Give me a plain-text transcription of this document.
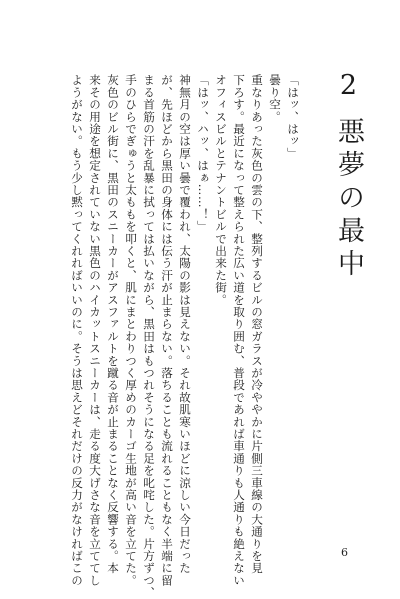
2悪夢の最中
「はッ、はッ」
曇り空。
重なりあった灰色の雲の下、整列するビルの窓ガラスが冷ややかに片側三車線の大通りを見
下ろす。最近になって整えられた広い道を取り囲む、普段であれば車通りも人通りも絶えない
オフィスビルとテナントビルで出来た街。
「はッ、ハッ、はぁ……！」
神無月の空は厚い曇で覆われ、太陽の影は見えない。それ故肌寒いほどに涼しい今日だった
が、先ほどから黒田の身体には伝う汗が止まらない。落ちることも流れることもなく半端に留
まる首筋の汗を乱暴に拭っては払いながら、黒田はもつれそうになる足を叱咤した。片方ずつ、
手のひらでぎゅうと太ももを叩くと、肌にまとわりつく厚めのカーゴ生地が高い音を立てた。
灰色のビル街に、黒田のスニーカーがアスファルトを蹴る音が止まることなく反響する。本
来その用途を想定されていない黒色のハイカットスニーカーは、走る度大げさな音を立ててし
ようがない。もう少し黙ってくれればいいのに。そうは思えどそれだけの反力がなければこの	6
